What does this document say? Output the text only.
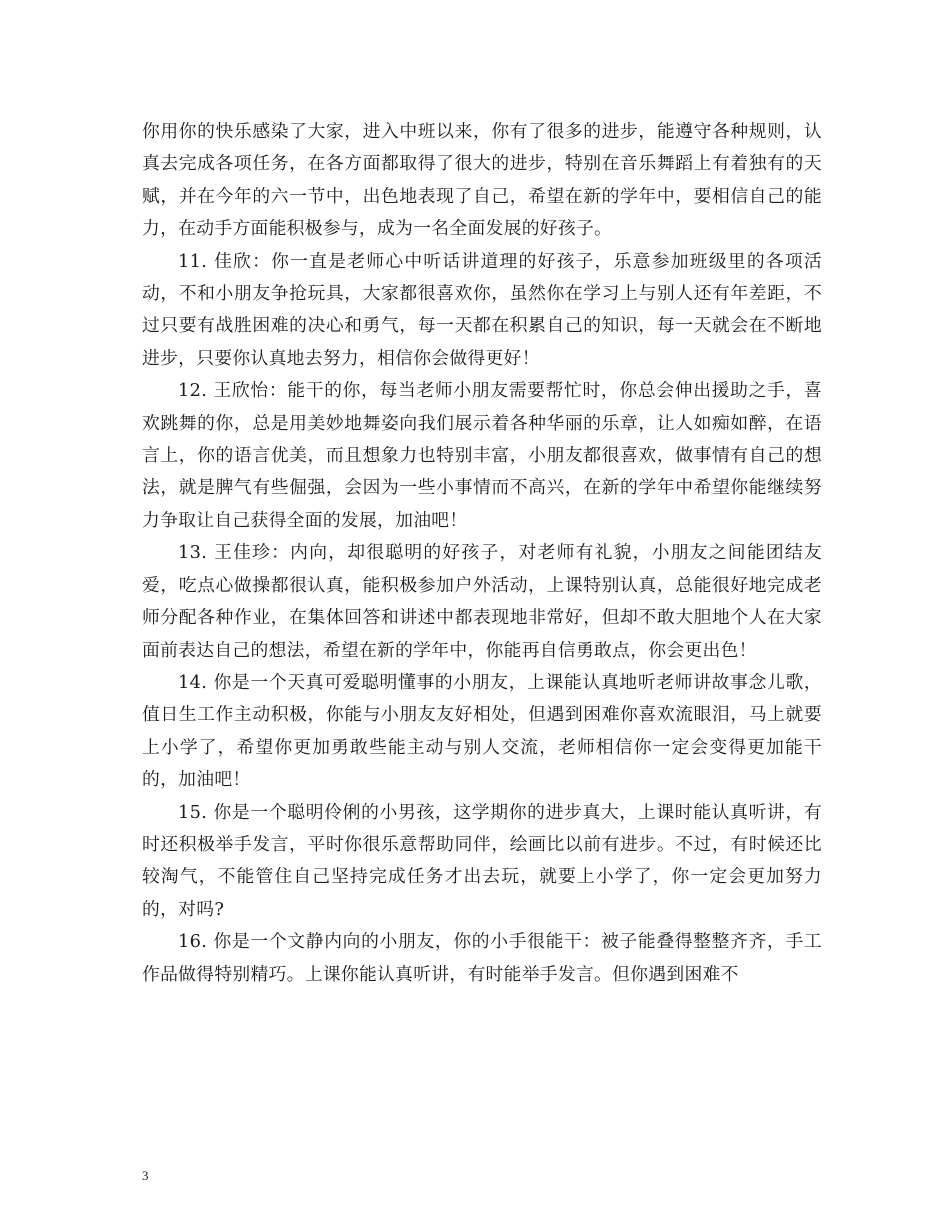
你用你的快乐感染了大家，进入中班以来，你有了很多的进步，能遵守各种规则，认真去完成各项任务，在各方面都取得了很大的进步，特别在音乐舞蹈上有着独有的天赋，并在今年的六一节中，出色地表现了自己，希望在新的学年中，要相信自己的能力，在动手方面能积极参与，成为一名全面发展的好孩子。

11. 佳欣：你一直是老师心中听话讲道理的好孩子，乐意参加班级里的各项活动，不和小朋友争抢玩具，大家都很喜欢你，虽然你在学习上与别人还有年差距，不过只要有战胜困难的决心和勇气，每一天都在积累自己的知识，每一天就会在不断地进步，只要你认真地去努力，相信你会做得更好！

12. 王欣怡：能干的你，每当老师小朋友需要帮忙时，你总会伸出援助之手，喜欢跳舞的你，总是用美妙地舞姿向我们展示着各种华丽的乐章，让人如痴如醉，在语言上，你的语言优美，而且想象力也特别丰富，小朋友都很喜欢，做事情有自己的想法，就是脾气有些倔强，会因为一些小事情而不高兴，在新的学年中希望你能继续努力争取让自己获得全面的发展，加油吧！

13. 王佳珍：内向，却很聪明的好孩子，对老师有礼貌，小朋友之间能团结友爱，吃点心做操都很认真，能积极参加户外活动，上课特别认真，总能很好地完成老师分配各种作业，在集体回答和讲述中都表现地非常好，但却不敢大胆地个人在大家面前表达自己的想法，希望在新的学年中，你能再自信勇敢点，你会更出色！

14. 你是一个天真可爱聪明懂事的小朋友，上课能认真地听老师讲故事念儿歌，值日生工作主动积极，你能与小朋友友好相处，但遇到困难你喜欢流眼泪，马上就要上小学了，希望你更加勇敢些能主动与别人交流，老师相信你一定会变得更加能干的，加油吧！

15. 你是一个聪明伶俐的小男孩，这学期你的进步真大，上课时能认真听讲，有时还积极举手发言，平时你很乐意帮助同伴，绘画比以前有进步。不过，有时候还比较淘气，不能管住自己坚持完成任务才出去玩，就要上小学了，你一定会更加努力的，对吗?

16. 你是一个文静内向的小朋友，你的小手很能干：被子能叠得整整齐齐，手工作品做得特别精巧。上课你能认真听讲，有时能举手发言。但你遇到困难不

3
